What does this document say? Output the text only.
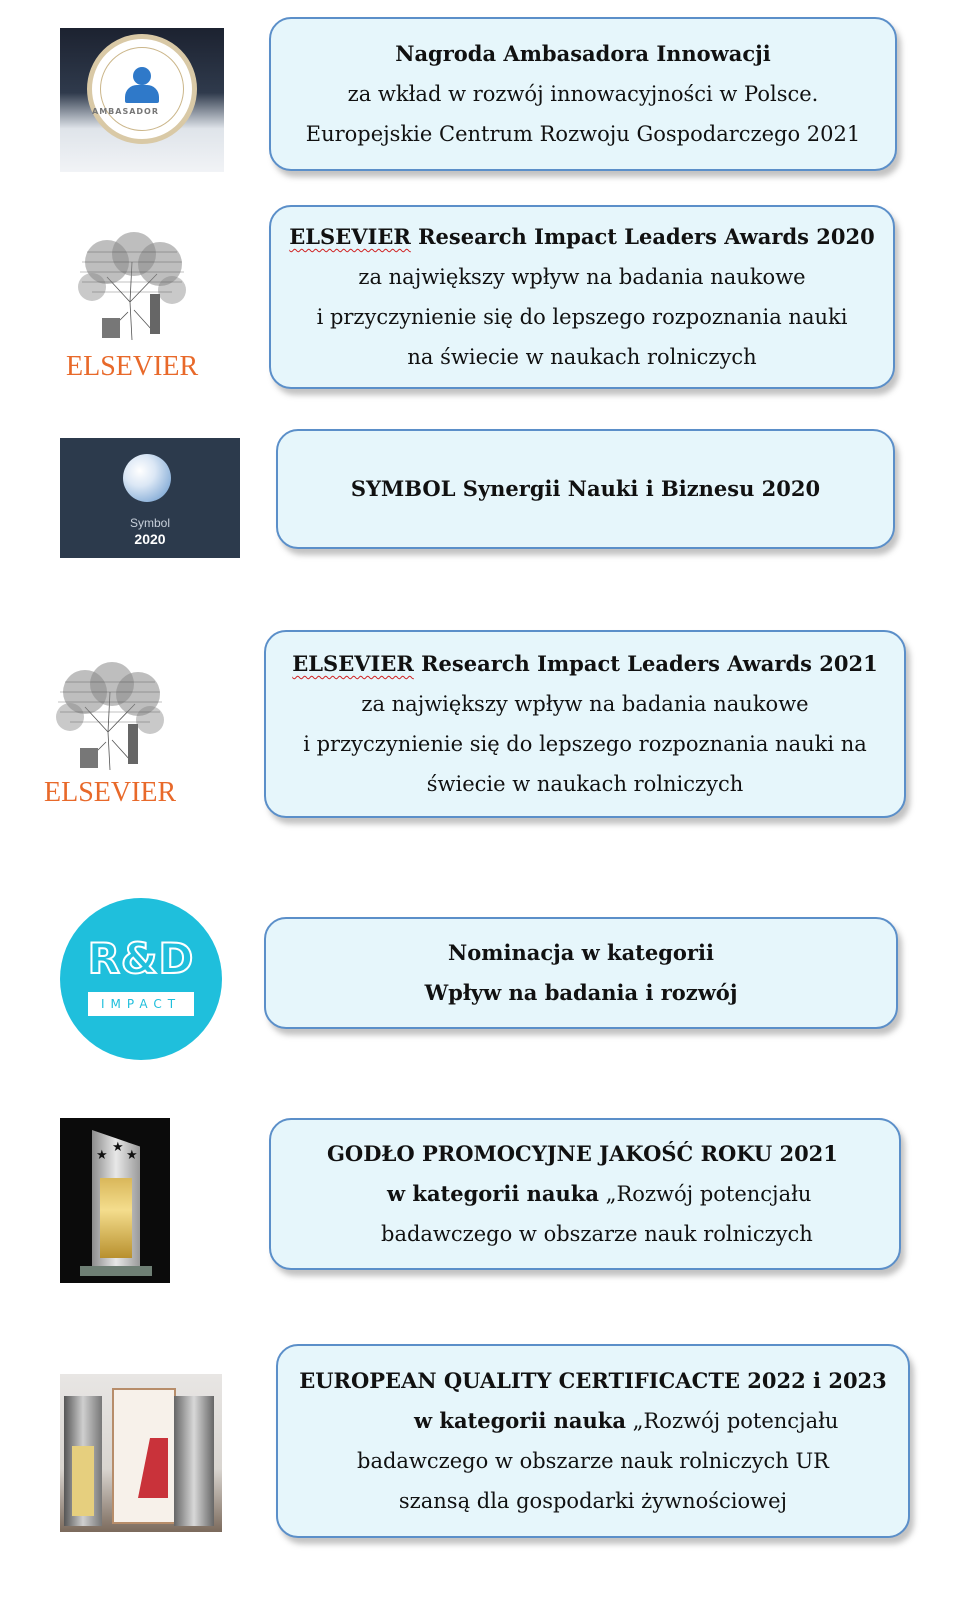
AMBASADOR
Nagroda Ambasadora Innowacji
za wkład w rozwój innowacyjności w Polsce.
Europejskie Centrum Rozwoju Gospodarczego 2021
ELSEVIER
ELSEVIER Research Impact Leaders Awards 2020
za największy wpływ na badania naukowe
i przyczynienie się do lepszego rozpoznania nauki
na świecie w naukach rolniczych
Symbol
2020
SYMBOL Synergii Nauki i Biznesu 2020
ELSEVIER
ELSEVIER Research Impact Leaders Awards 2021
za największy wpływ na badania naukowe
i przyczynienie się do lepszego rozpoznania nauki na
świecie w naukach rolniczych
R&D
IMPACT
Nominacja w kategorii
Wpływ na badania i rozwój
★
★
★	GODŁO PROMOCYJNE JAKOŚĆ ROKU 2021
w kategorii nauka „Rozwój potencjału
badawczego w obszarze nauk rolniczych
EUROPEAN QUALITY CERTIFICACTE 2022 i 2023
w kategorii nauka „Rozwój potencjału
badawczego w obszarze nauk rolniczych UR
szansą dla gospodarki żywnościowej
